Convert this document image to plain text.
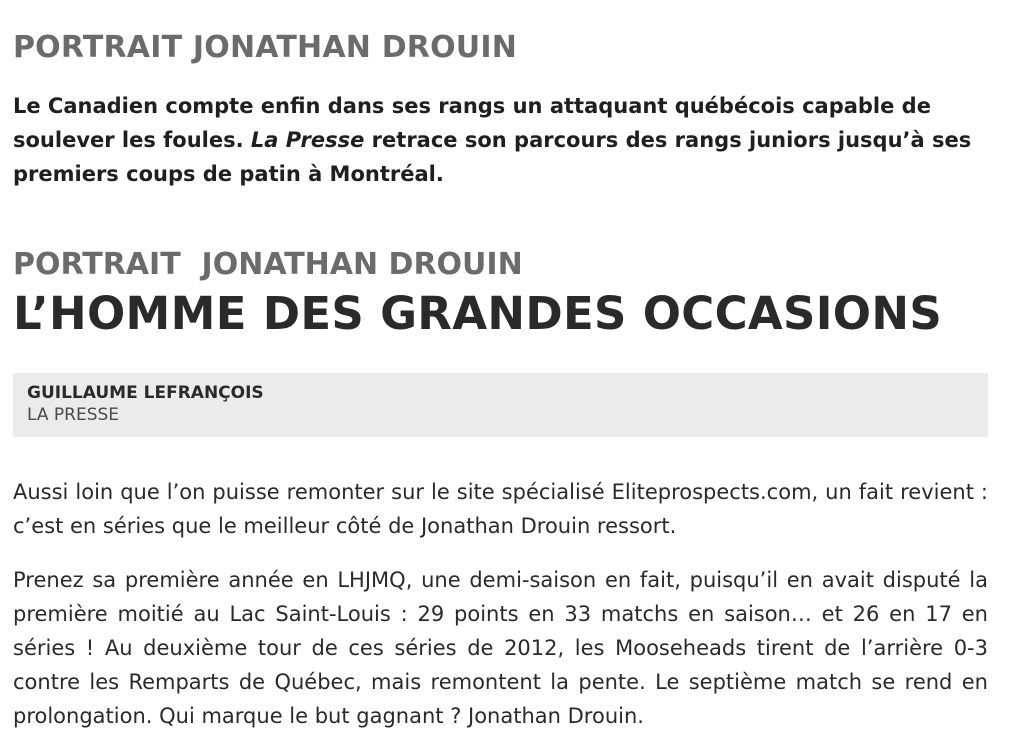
PORTRAIT JONATHAN DROUIN

Le Canadien compte enfin dans ses rangs un attaquant québécois capable de soulever les foules. La Presse retrace son parcours des rangs juniors jusqu’à ses premiers coups de patin à Montréal.

PORTRAIT  JONATHAN DROUIN
L’HOMME DES GRANDES OCCASIONS
GUILLAUME LEFRANÇOIS
LA PRESSE

Aussi loin que l’on puisse remonter sur le site spécialisé Eliteprospects.com, un fait revient : c’est en séries que le meilleur côté de Jonathan Drouin ressort.

Prenez sa première année en LHJMQ, une demi-saison en fait, puisqu’il en avait disputé la première moitié au Lac Saint-Louis : 29 points en 33 matchs en saison… et 26 en 17 en séries ! Au deuxième tour de ces séries de 2012, les Mooseheads tirent de l’arrière 0-3 contre les Remparts de Québec, mais remontent la pente. Le septième match se rend en prolongation. Qui marque le but gagnant ? Jonathan Drouin.
